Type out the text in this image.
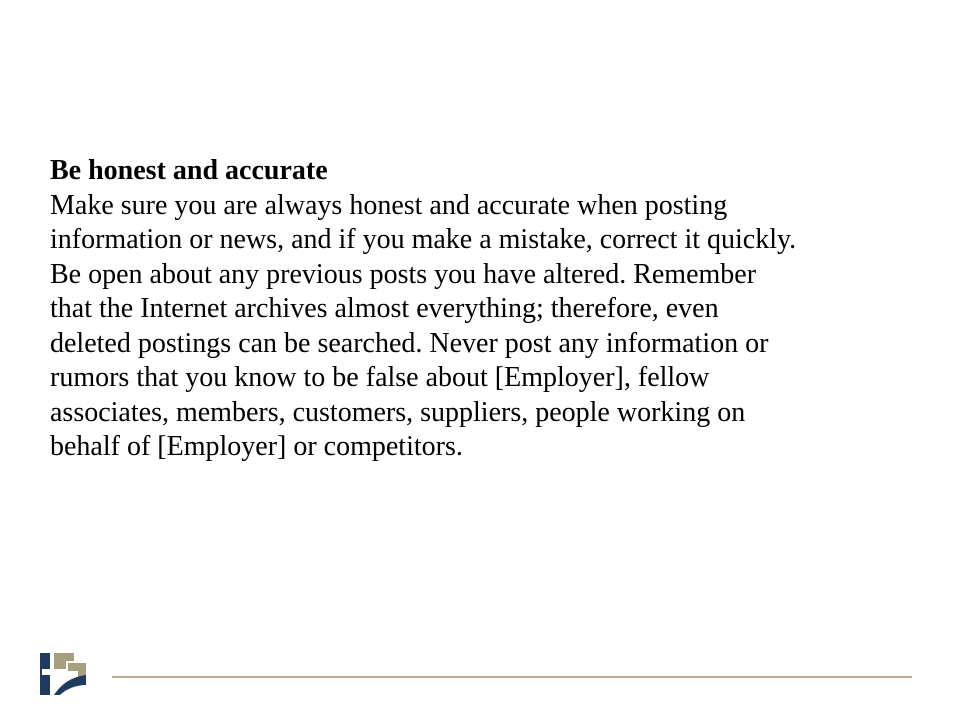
Be honest and accurate
Make sure you are always honest and accurate when posting
information or news, and if you make a mistake, correct it quickly.
Be open about any previous posts you have altered. Remember
that the Internet archives almost everything; therefore, even
deleted postings can be searched. Never post any information or
rumors that you know to be false about [Employer], fellow
associates, members, customers, suppliers, people working on
behalf of [Employer] or competitors.
